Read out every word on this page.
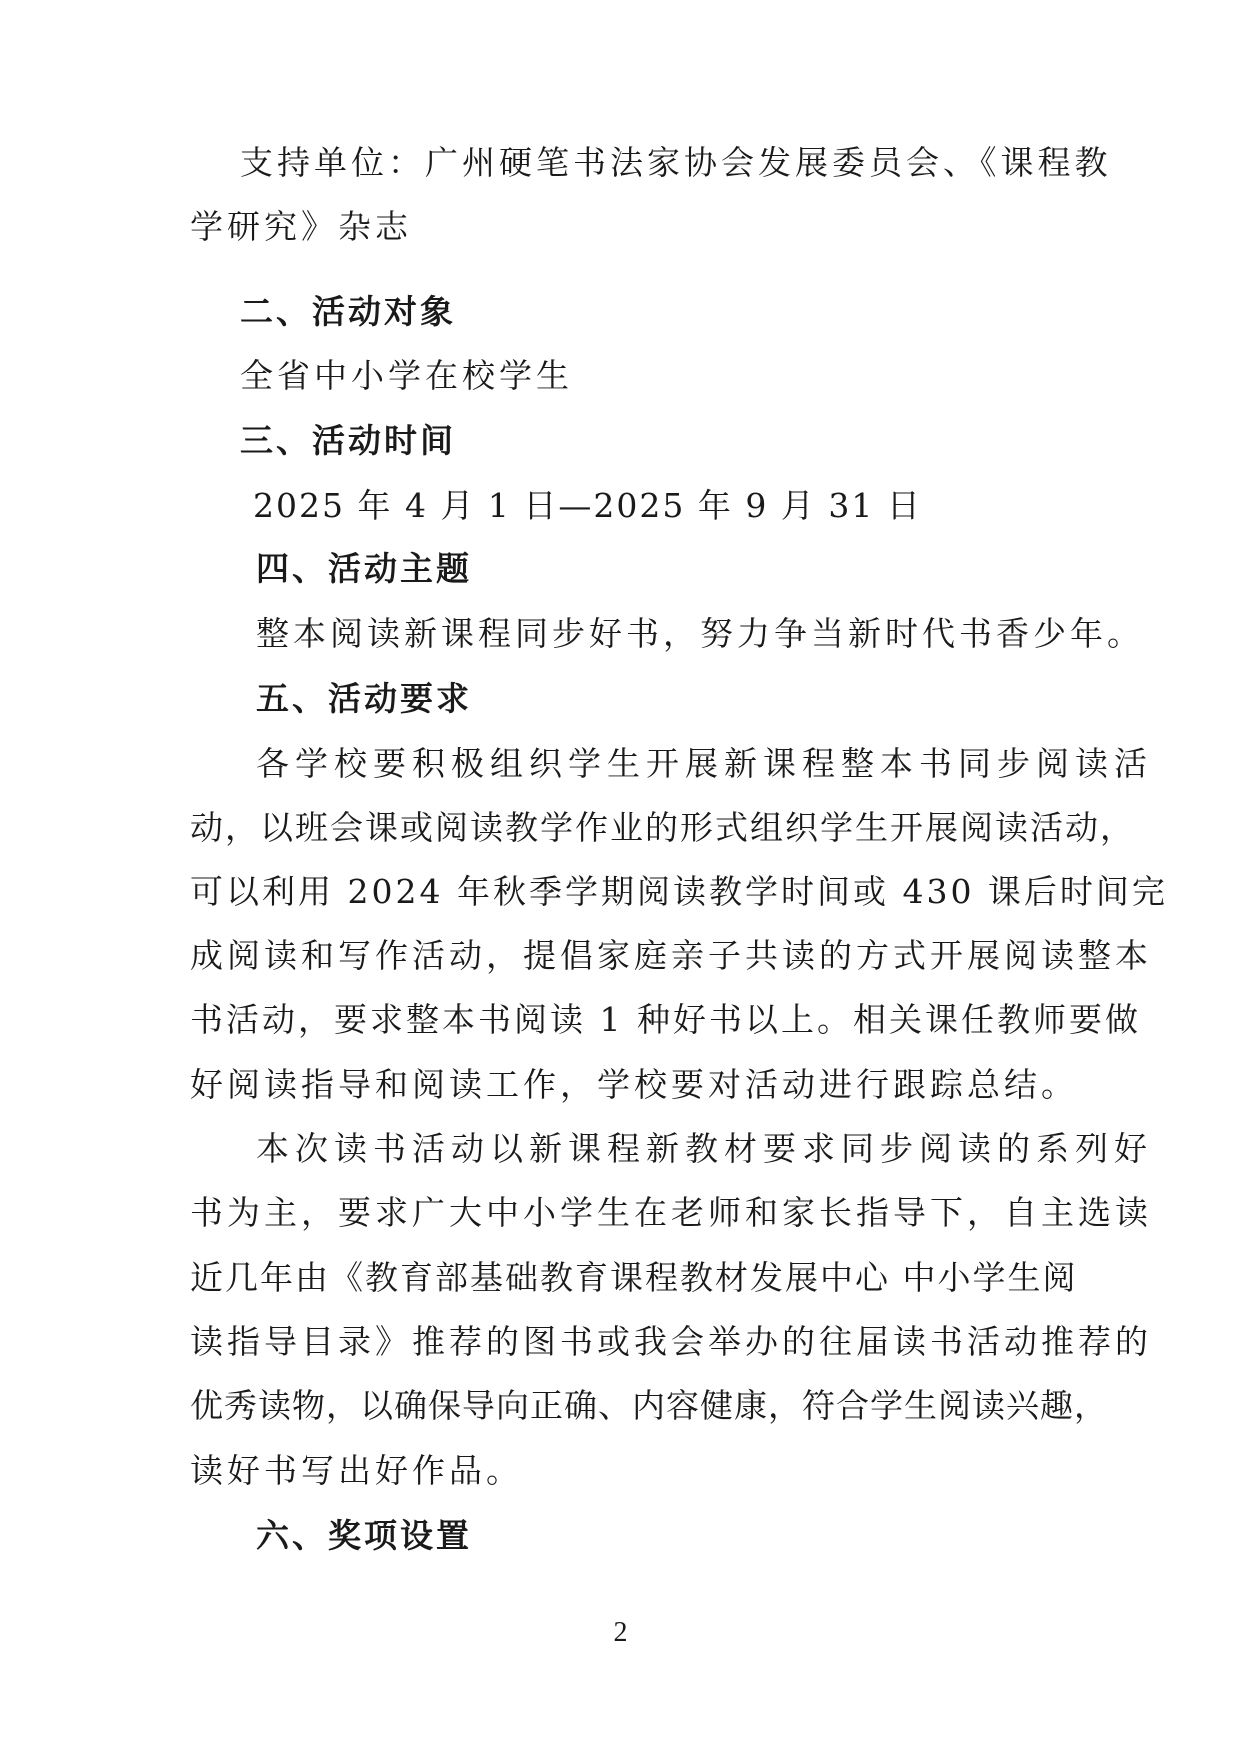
支持单位：广州硬笔书法家协会发展委员会、《课程教
学研究》杂志
二、活动对象
全省中小学在校学生
三、活动时间
2025 年 4 月 1 日—2025 年 9 月 31 日
四、活动主题
整本阅读新课程同步好书，努力争当新时代书香少年。
五、活动要求
各学校要积极组织学生开展新课程整本书同步阅读活
动，以班会课或阅读教学作业的形式组织学生开展阅读活动，
可以利用 2024 年秋季学期阅读教学时间或 430 课后时间完
成阅读和写作活动，提倡家庭亲子共读的方式开展阅读整本
书活动，要求整本书阅读 1 种好书以上。相关课任教师要做
好阅读指导和阅读工作，学校要对活动进行跟踪总结。
本次读书活动以新课程新教材要求同步阅读的系列好
书为主，要求广大中小学生在老师和家长指导下，自主选读
近几年由《教育部基础教育课程教材发展中心 中小学生阅
读指导目录》推荐的图书或我会举办的往届读书活动推荐的
优秀读物，以确保导向正确、内容健康，符合学生阅读兴趣，
读好书写出好作品。
六、奖项设置
2
